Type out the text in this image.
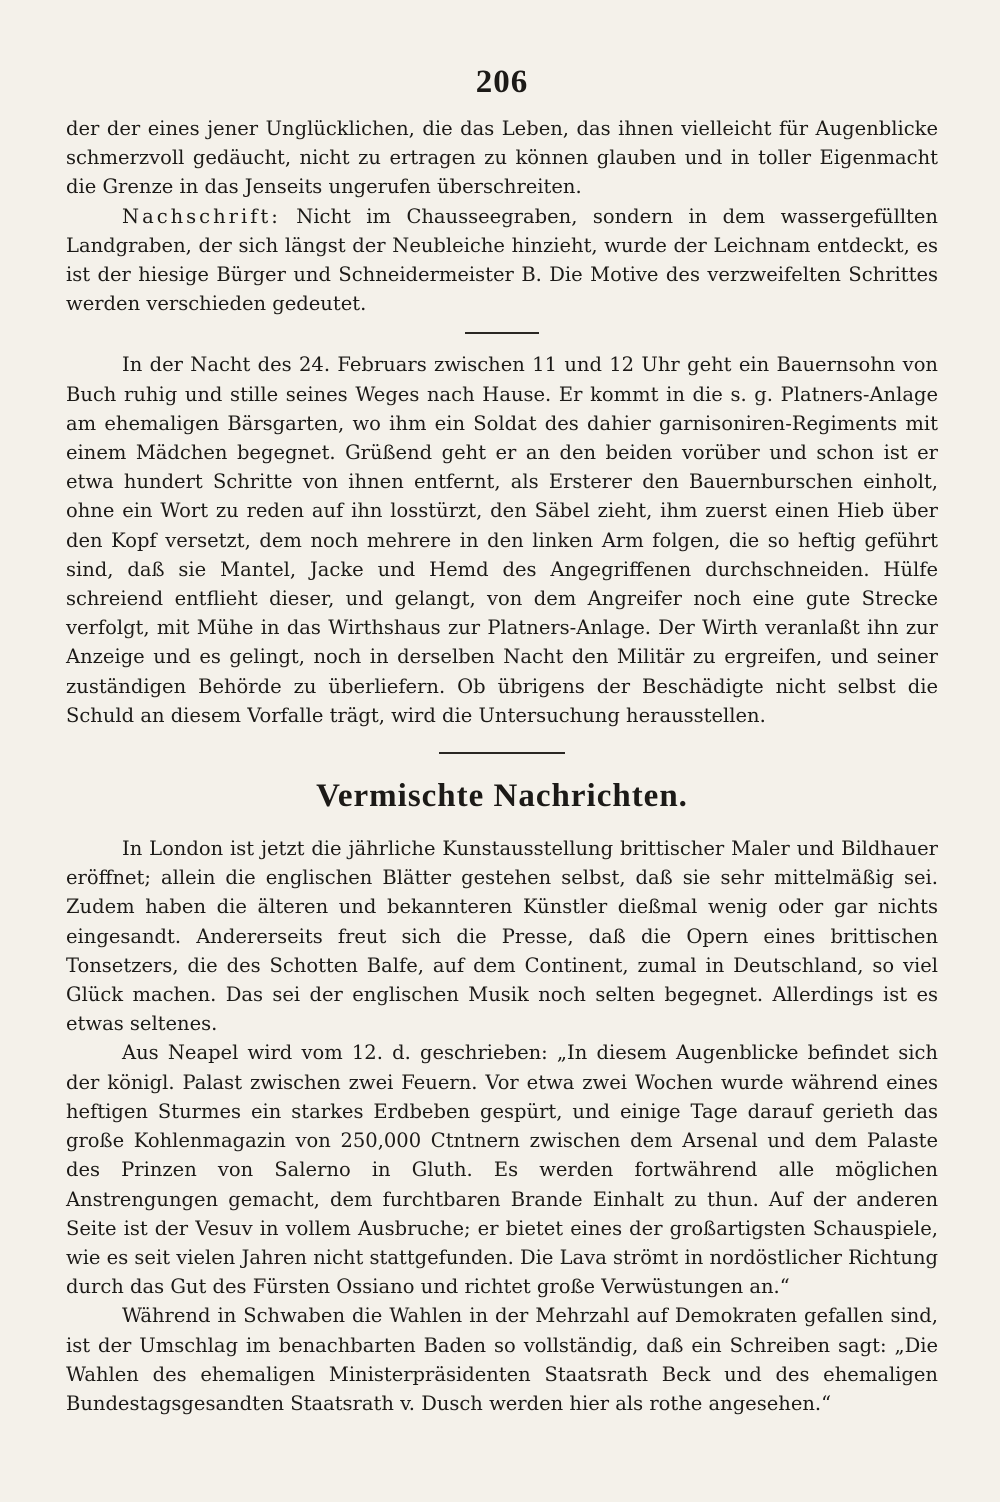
206

der der eines jener Unglücklichen, die das Leben, das ihnen vielleicht für Augenblicke schmerzvoll gedäucht, nicht zu ertragen zu können glauben und in toller Eigenmacht die Grenze in das Jenseits ungerufen überschreiten.

Nachschrift: Nicht im Chausseegraben, sondern in dem wassergefüllten Landgraben, der sich längst der Neubleiche hinzieht, wurde der Leichnam entdeckt, es ist der hiesige Bürger und Schneidermeister B. Die Motive des verzweifelten Schrittes werden verschieden gedeutet.

In der Nacht des 24. Februars zwischen 11 und 12 Uhr geht ein Bauernsohn von Buch ruhig und stille seines Weges nach Hause. Er kommt in die s. g. Platners-Anlage am ehemaligen Bärsgarten, wo ihm ein Soldat des dahier garnisoniren-Regiments mit einem Mädchen begegnet. Grüßend geht er an den beiden vorüber und schon ist er etwa hundert Schritte von ihnen entfernt, als Ersterer den Bauernburschen einholt, ohne ein Wort zu reden auf ihn losstürzt, den Säbel zieht, ihm zuerst einen Hieb über den Kopf versetzt, dem noch mehrere in den linken Arm folgen, die so heftig geführt sind, daß sie Mantel, Jacke und Hemd des Angegriffenen durchschneiden. Hülfe schreiend entflieht dieser, und gelangt, von dem Angreifer noch eine gute Strecke verfolgt, mit Mühe in das Wirthshaus zur Platners-Anlage. Der Wirth veranlaßt ihn zur Anzeige und es gelingt, noch in derselben Nacht den Militär zu ergreifen, und seiner zuständigen Behörde zu überliefern. Ob übrigens der Beschädigte nicht selbst die Schuld an diesem Vorfalle trägt, wird die Untersuchung herausstellen.

Vermischte Nachrichten.

In London ist jetzt die jährliche Kunstausstellung brittischer Maler und Bildhauer eröffnet; allein die englischen Blätter gestehen selbst, daß sie sehr mittelmäßig sei. Zudem haben die älteren und bekannteren Künstler dießmal wenig oder gar nichts eingesandt. Andererseits freut sich die Presse, daß die Opern eines brittischen Tonsetzers, die des Schotten Balfe, auf dem Continent, zumal in Deutschland, so viel Glück machen. Das sei der englischen Musik noch selten begegnet. Allerdings ist es etwas seltenes.

Aus Neapel wird vom 12. d. geschrieben: „In diesem Augenblicke befindet sich der königl. Palast zwischen zwei Feuern. Vor etwa zwei Wochen wurde während eines heftigen Sturmes ein starkes Erdbeben gespürt, und einige Tage darauf gerieth das große Kohlenmagazin von 250,000 Ctntnern zwischen dem Arsenal und dem Palaste des Prinzen von Salerno in Gluth. Es werden fortwährend alle möglichen Anstrengungen gemacht, dem furchtbaren Brande Einhalt zu thun. Auf der anderen Seite ist der Vesuv in vollem Ausbruche; er bietet eines der großartigsten Schauspiele, wie es seit vielen Jahren nicht stattgefunden. Die Lava strömt in nordöstlicher Richtung durch das Gut des Fürsten Ossiano und richtet große Verwüstungen an.“

Während in Schwaben die Wahlen in der Mehrzahl auf Demokraten gefallen sind, ist der Umschlag im benachbarten Baden so vollständig, daß ein Schreiben sagt: „Die Wahlen des ehemaligen Ministerpräsidenten Staatsrath Beck und des ehemaligen Bundestagsgesandten Staatsrath v. Dusch werden hier als rothe angesehen.“
